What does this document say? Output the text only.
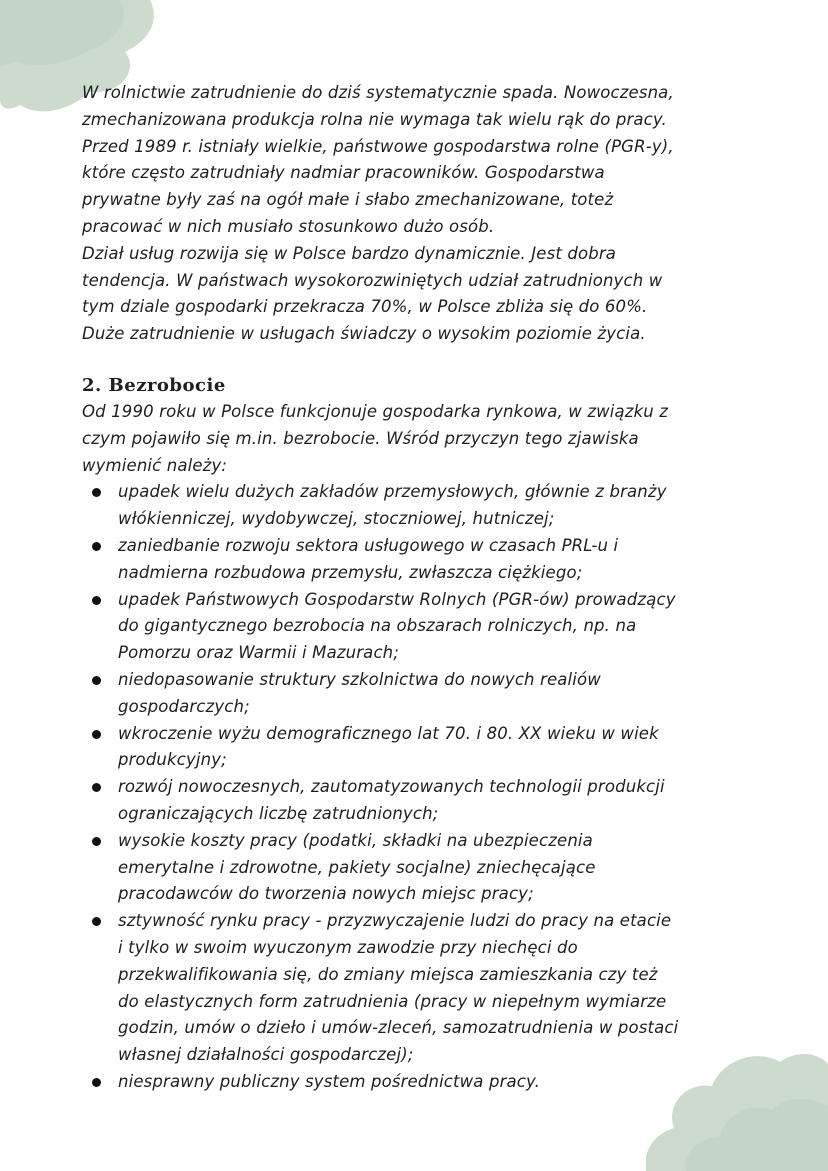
W rolnictwie zatrudnienie do dziś systematycznie spada. Nowoczesna,
zmechanizowana produkcja rolna nie wymaga tak wielu rąk do pracy.
Przed 1989 r. istniały wielkie, państwowe gospodarstwa rolne (PGR-y),
które często zatrudniały nadmiar pracowników. Gospodarstwa
prywatne były zaś na ogół małe i słabo zmechanizowane, toteż
pracować w nich musiało stosunkowo dużo osób.

Dział usług rozwija się w Polsce bardzo dynamicznie. Jest dobra
tendencja. W państwach wysokorozwiniętych udział zatrudnionych w
tym dziale gospodarki przekracza 70%, w Polsce zbliża się do 60%.
Duże zatrudnienie w usługach świadczy o wysokim poziomie życia.

2. Bezrobocie

Od 1990 roku w Polsce funkcjonuje gospodarka rynkowa, w związku z
czym pojawiło się m.in. bezrobocie. Wśród przyczyn tego zjawiska
wymienić należy:

upadek wielu dużych zakładów przemysłowych, głównie z branży
włókienniczej, wydobywczej, stoczniowej, hutniczej;
zaniedbanie rozwoju sektora usługowego w czasach PRL-u i
nadmierna rozbudowa przemysłu, zwłaszcza ciężkiego;
upadek Państwowych Gospodarstw Rolnych (PGR-ów) prowadzący
do gigantycznego bezrobocia na obszarach rolniczych, np. na
Pomorzu oraz Warmii i Mazurach;
niedopasowanie struktury szkolnictwa do nowych realiów
gospodarczych;
wkroczenie wyżu demograficznego lat 70. i 80. XX wieku w wiek
produkcyjny;
rozwój nowoczesnych, zautomatyzowanych technologii produkcji
ograniczających liczbę zatrudnionych;
wysokie koszty pracy (podatki, składki na ubezpieczenia
emerytalne i zdrowotne, pakiety socjalne) zniechęcające
pracodawców do tworzenia nowych miejsc pracy;
sztywność rynku pracy - przyzwyczajenie ludzi do pracy na etacie
i tylko w swoim wyuczonym zawodzie przy niechęci do
przekwalifikowania się, do zmiany miejsca zamieszkania czy też
do elastycznych form zatrudnienia (pracy w niepełnym wymiarze
godzin, umów o dzieło i umów-zleceń, samozatrudnienia w postaci
własnej działalności gospodarczej);
niesprawny publiczny system pośrednictwa pracy.
